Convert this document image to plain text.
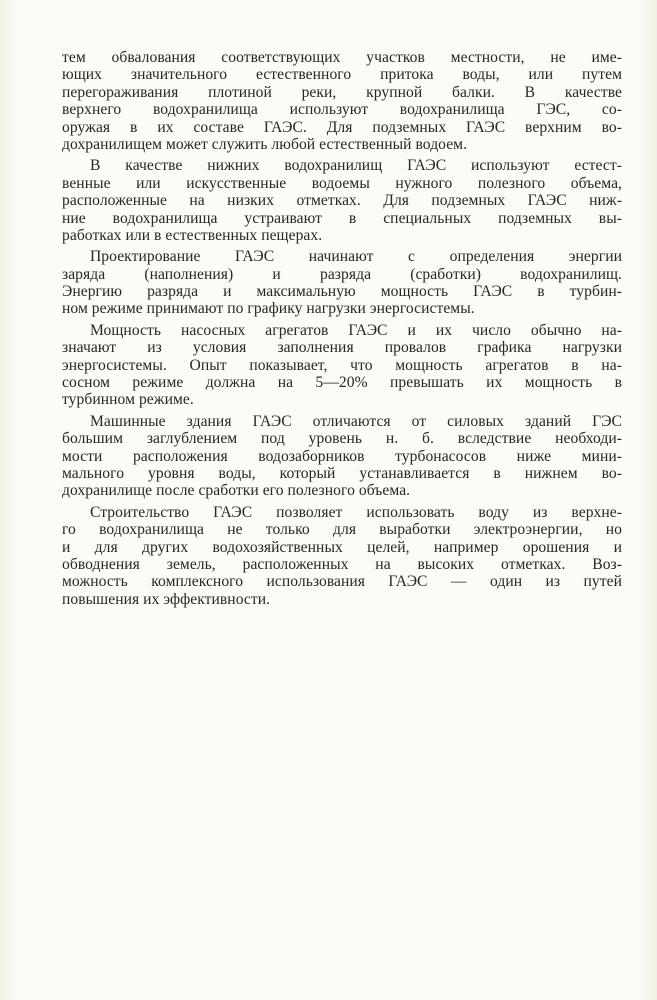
тем обвалования соответствующих участков местности, не име-
ющих значительного естественного притока воды, или путем
перегораживания плотиной реки, крупной балки. В качестве
верхнего водохранилища используют водохранилища ГЭС, со-
оружая в их составе ГАЭС. Для подземных ГАЭС верхним во-
дохранилищем может служить любой естественный водоем.
В качестве нижних водохранилищ ГАЭС используют естест-
венные или искусственные водоемы нужного полезного объема,
расположенные на низких отметках. Для подземных ГАЭС ниж-
ние водохранилища устраивают в специальных подземных вы-
работках или в естественных пещерах.
Проектирование ГАЭС начинают с определения энергии
заряда (наполнения) и разряда (сработки) водохранилищ.
Энергию разряда и максимальную мощность ГАЭС в турбин-
ном режиме принимают по графику нагрузки энергосистемы.
Мощность насосных агрегатов ГАЭС и их число обычно на-
значают из условия заполнения провалов графика нагрузки
энергосистемы. Опыт показывает, что мощность агрегатов в на-
сосном режиме должна на 5—20% превышать их мощность в
турбинном режиме.
Машинные здания ГАЭС отличаются от силовых зданий ГЭС
большим заглублением под уровень н. б. вследствие необходи-
мости расположения водозаборников турбонасосов ниже мини-
мального уровня воды, который устанавливается в нижнем во-
дохранилище после сработки его полезного объема.
Строительство ГАЭС позволяет использовать воду из верхне-
го водохранилища не только для выработки электроэнергии, но
и для других водохозяйственных целей, например орошения и
обводнения земель, расположенных на высоких отметках. Воз-
можность комплексного использования ГАЭС — один из путей
повышения их эффективности.
